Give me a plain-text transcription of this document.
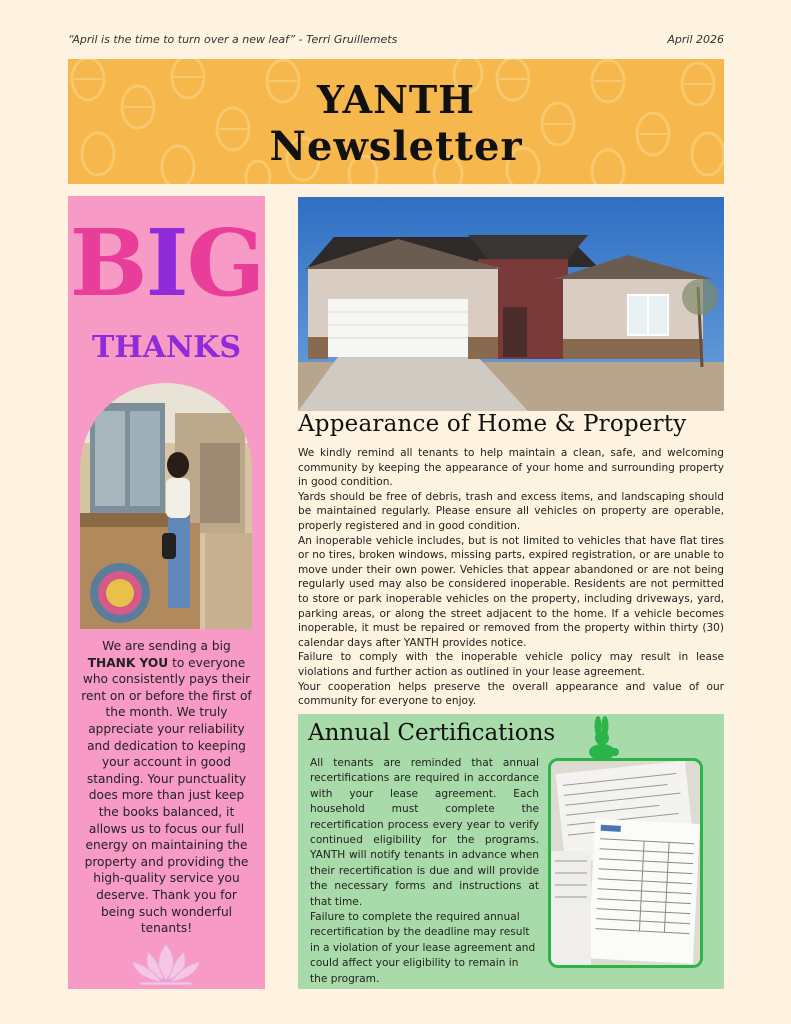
“April is the time to turn over a new leaf” - Terri Gruillemets	April 2026
YANTH
Newsletter
BIG
THANKS
We are sending a big THANK YOU to everyone who consistently pays their rent on or before the first of the month. We truly appreciate your reliability and dedication to keeping your account in good standing. Your punctuality does more than just keep the books balanced, it allows us to focus our full energy on maintaining the property and providing the high-quality service you deserve. Thank you for being such wonderful tenants!
Appearance of Home & Property

We kindly remind all tenants to help maintain a clean, safe, and welcoming community by keeping the appearance of your home and surrounding property in good condition.

Yards should be free of debris, trash and excess items, and landscaping should be maintained regularly. Please ensure all vehicles on property are operable, properly registered and in good condition.

An inoperable vehicle includes, but is not limited to vehicles that have flat tires or no tires, broken windows, missing parts, expired registration, or are unable to move under their own power. Vehicles that appear abandoned or are not being regularly used may also be considered inoperable. Residents are not permitted to store or park inoperable vehicles on the property, including driveways, yard, parking areas, or along the street adjacent to the home. If a vehicle becomes inoperable, it must be repaired or removed from the property within thirty (30) calendar days after YANTH provides notice.

Failure to comply with the inoperable vehicle policy may result in lease violations and further action as outlined in your lease agreement.

Your cooperation helps preserve the overall appearance and value of our community for everyone to enjoy.

Annual Certifications

All tenants are reminded that annual recertifications are required in accordance with your lease agreement. Each household must complete the recertification process every year to verify continued eligibility for the programs. YANTH will notify tenants in advance when their recertification is due and will provide the necessary forms and instructions at that time.

Failure to complete the required annual recertification by the deadline may result in a violation of your lease agreement and could affect your eligibility to remain in the program.
